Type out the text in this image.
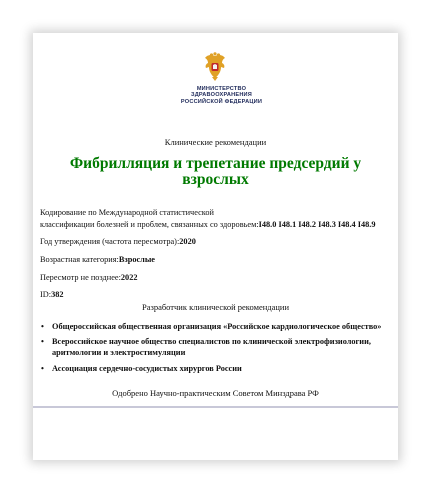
МИНИСТЕРСТВО
ЗДРАВООХРАНЕНИЯ
РОССИЙСКОЙ ФЕДЕРАЦИИ
Клинические рекомендации
Фибрилляция и трепетание предсердий у взрослых
Кодирование по Международной статистической
классификации болезней и проблем, связанных со здоровьем:I48.0 I48.1 I48.2 I48.3 I48.4 I48.9
Год утверждения (частота пересмотра):2020
Возрастная категория:Взрослые
Пересмотр не позднее:2022
ID:382
Разработчик клинической рекомендации
• Общероссийская общественная организация «Российское кардиологическое общество»
• Всероссийское научное общество специалистов по клинической электрофизиологии, аритмологии и электростимуляции
• Ассоциация сердечно-сосудистых хирургов России
Одобрено Научно-практическим Советом Минздрава РФ
